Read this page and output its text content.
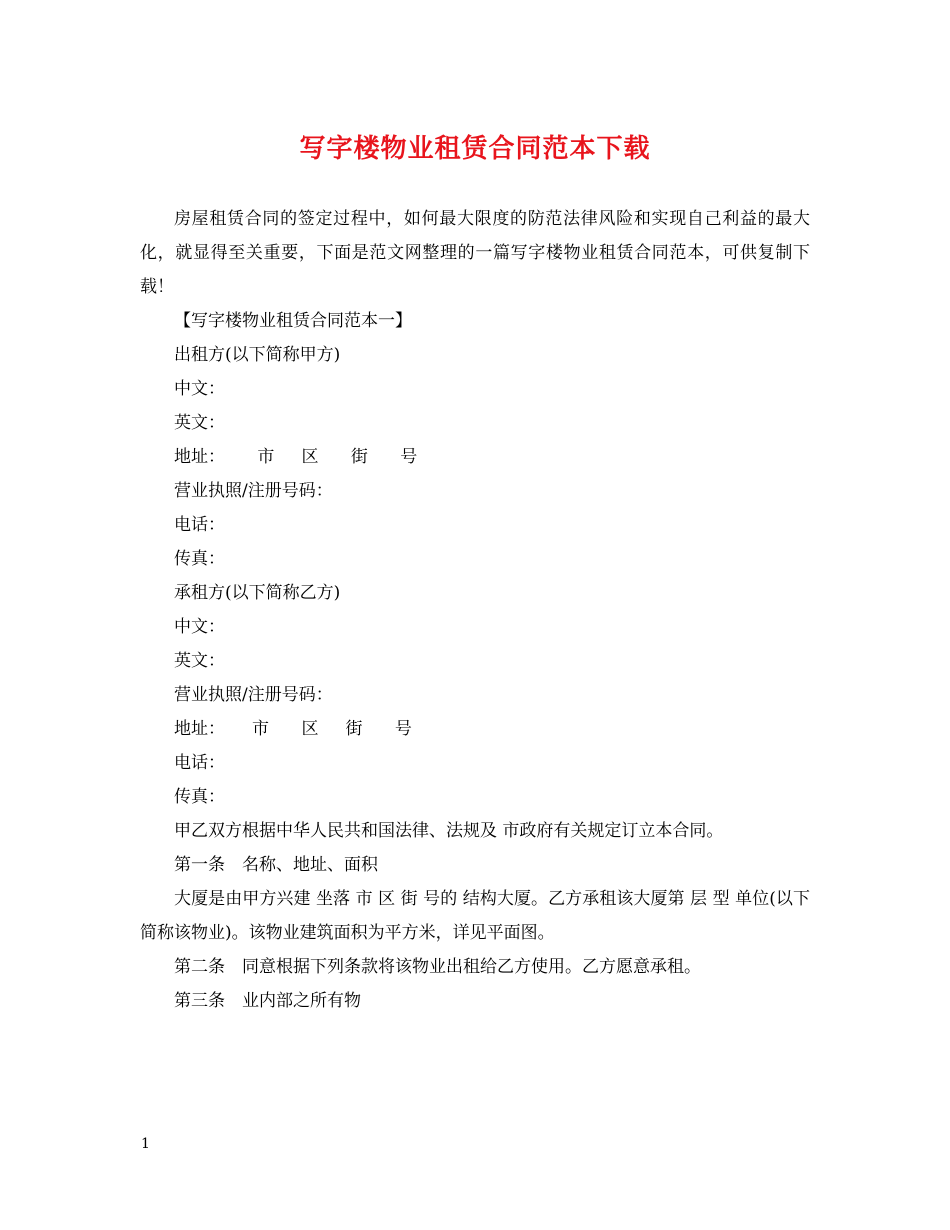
写字楼物业租赁合同范本下载

房屋租赁合同的签定过程中，如何最大限度的防范法律风险和实现自己利益的最大化，就显得至关重要，下面是范文网整理的一篇写字楼物业租赁合同范本，可供复制下载！

【写字楼物业租赁合同范本一】

出租方(以下简称甲方)

中文：

英文：

地址：      市     区      街      号

营业执照/注册号码：

电话：

传真：

承租方(以下简称乙方)

中文：

英文：

营业执照/注册号码：

地址：     市      区     街      号

电话：

传真：

甲乙双方根据中华人民共和国法律、法规及 市政府有关规定订立本合同。

第一条　名称、地址、面积

大厦是由甲方兴建 坐落 市 区 街 号的 结构大厦。乙方承租该大厦第 层 型 单位(以下简称该物业)。该物业建筑面积为平方米，详见平面图。

第二条　同意根据下列条款将该物业出租给乙方使用。乙方愿意承租。

第三条　业内部之所有物

1
